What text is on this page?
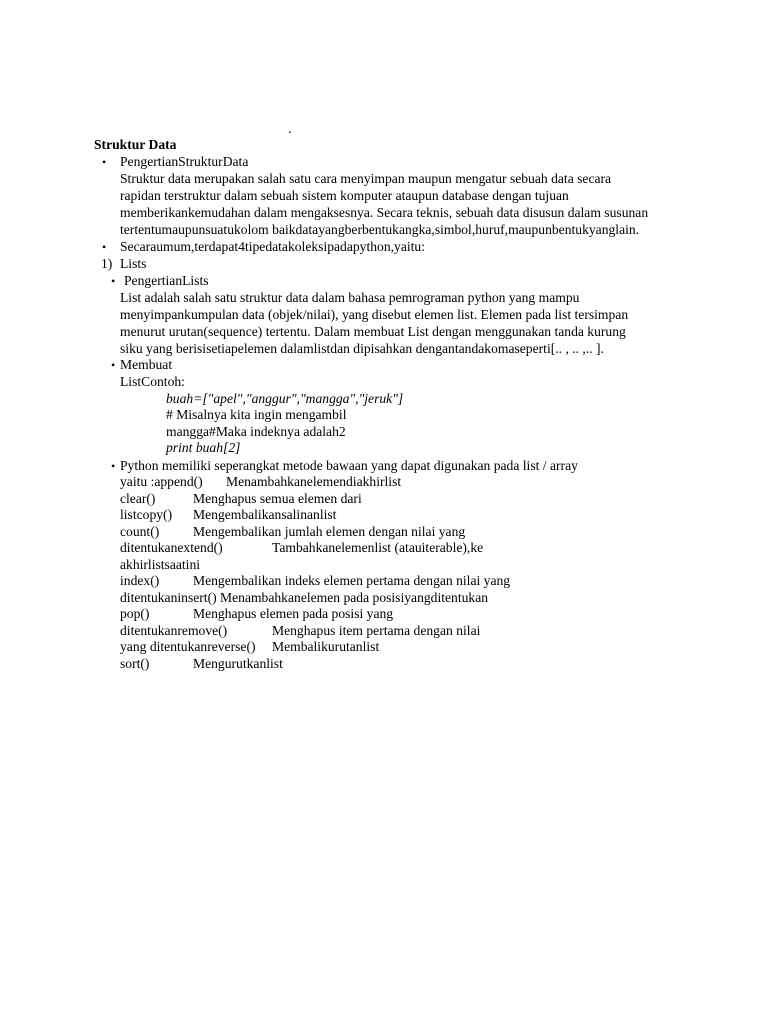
.
Struktur Data
• PengertianStrukturData
Struktur data merupakan salah satu cara menyimpan maupun mengatur sebuah data secara
rapidan terstruktur dalam sebuah sistem komputer ataupun database dengan tujuan
memberikankemudahan dalam mengaksesnya. Secara teknis, sebuah data disusun dalam susunan
tertentumaupunsuatukolom baikdatayangberbentukangka,simbol,huruf,maupunbentukyanglain.
• Secaraumum,terdapat4tipedatakoleksipadapython,yaitu:
1) Lists
• PengertianLists
List adalah salah satu struktur data dalam bahasa pemrograman python yang mampu
menyimpankumpulan data (objek/nilai), yang disebut elemen list. Elemen pada list tersimpan
menurut urutan(sequence) tertentu. Dalam membuat List dengan menggunakan tanda kurung
siku yang berisisetiapelemen dalamlistdan dipisahkan dengantandakomaseperti[.. , .. ,.. ].
• Membuat
ListContoh:
buah=["apel","anggur","mangga","jeruk"]
# Misalnya kita ingin mengambil
mangga#Maka indeknya adalah2
print buah[2]
• Python memiliki seperangkat metode bawaan yang dapat digunakan pada list / array
yaitu :append() Menambahkanelemendiakhirlist
clear()	Menghapus semua elemen dari
listcopy() Mengembalikansalinanlist
count() Mengembalikan jumlah elemen dengan nilai yang
ditentukanextend()	Tambahkanelemenlist (atauiterable),ke
akhirlistsaatini
index() Mengembalikan indeks elemen pertama dengan nilai yang
ditentukaninsert() Menambahkanelemen pada posisiyangditentukan
pop()	Menghapus elemen pada posisi yang
ditentukanremove()	Menghapus item pertama dengan nilai
yang ditentukanreverse() Membalikurutanlist
sort()	Mengurutkanlist
